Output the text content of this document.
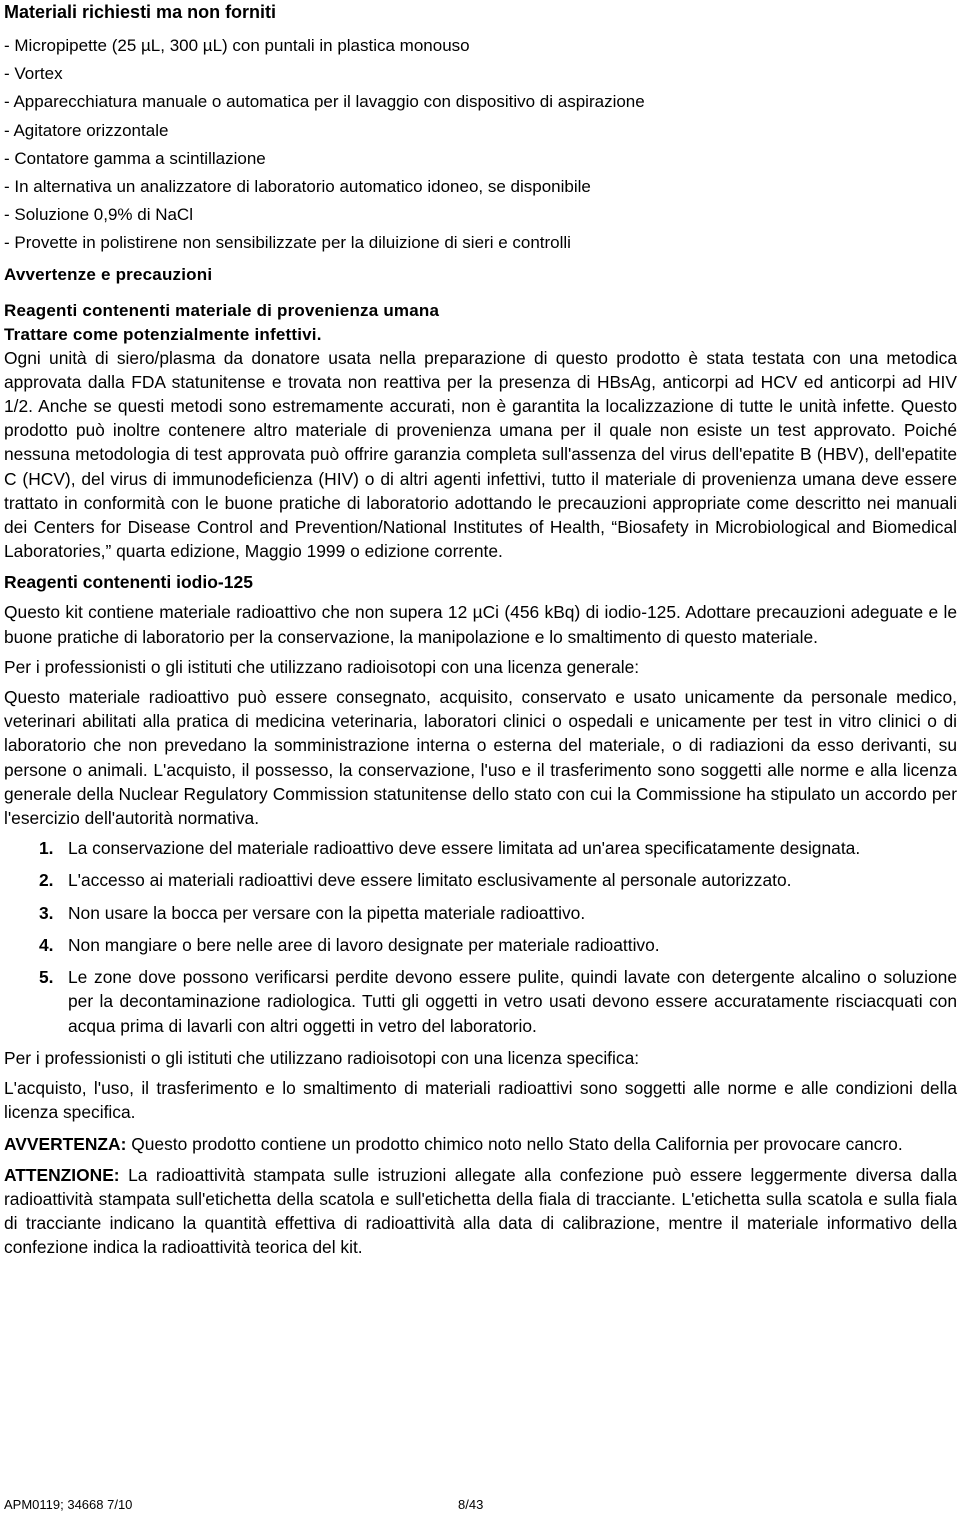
Materiali richiesti ma non forniti

- Micropipette (25 µL, 300 µL) con puntali in plastica monouso

- Vortex

- Apparecchiatura manuale o automatica per il lavaggio con dispositivo di aspirazione

- Agitatore orizzontale

- Contatore gamma a scintillazione

- In alternativa un analizzatore di laboratorio automatico idoneo, se disponibile

- Soluzione 0,9% di NaCl

- Provette in polistirene non sensibilizzate per la diluizione di sieri e controlli

Avvertenze e precauzioni
Reagenti contenenti materiale di provenienza umana
Trattare come potenzialmente infettivi.

Ogni unità di siero/plasma da donatore usata nella preparazione di questo prodotto è stata testata con una metodica approvata dalla FDA statunitense e trovata non reattiva per la presenza di HBsAg, anticorpi ad HCV ed anticorpi ad HIV 1/2. Anche se questi metodi sono estremamente accurati, non è garantita la localizzazione di tutte le unità infette. Questo prodotto può inoltre contenere altro materiale di provenienza umana per il quale non esiste un test approvato. Poiché nessuna metodologia di test approvata può offrire garanzia completa sull'assenza del virus dell'epatite B (HBV), dell'epatite C (HCV), del virus di immunodeficienza (HIV) o di altri agenti infettivi, tutto il materiale di provenienza umana deve essere trattato in conformità con le buone pratiche di laboratorio adottando le precauzioni appropriate come descritto nei manuali dei Centers for Disease Control and Prevention/National Institutes of Health, “Biosafety in Microbiological and Biomedical Laboratories,” quarta edizione, Maggio 1999 o edizione corrente.

Reagenti contenenti iodio-125

Questo kit contiene materiale radioattivo che non supera 12 µCi (456 kBq) di iodio-125. Adottare precauzioni adeguate e le buone pratiche di laboratorio per la conservazione, la manipolazione e lo smaltimento di questo materiale.

Per i professionisti o gli istituti che utilizzano radioisotopi con una licenza generale:

Questo materiale radioattivo può essere consegnato, acquisito, conservato e usato unicamente da personale medico, veterinari abilitati alla pratica di medicina veterinaria, laboratori clinici o ospedali e unicamente per test in vitro clinici o di laboratorio che non prevedano la somministrazione interna o esterna del materiale, o di radiazioni da esso derivanti, su persone o animali. L'acquisto, il possesso, la conservazione, l'uso e il trasferimento sono soggetti alle norme e alla licenza generale della Nuclear Regulatory Commission statunitense dello stato con cui la Commissione ha stipulato un accordo per l'esercizio dell'autorità normativa.

1. La conservazione del materiale radioattivo deve essere limitata ad un'area specificatamente designata.
2. L'accesso ai materiali radioattivi deve essere limitato esclusivamente al personale autorizzato.
3. Non usare la bocca per versare con la pipetta materiale radioattivo.
4. Non mangiare o bere nelle aree di lavoro designate per materiale radioattivo.
5. Le zone dove possono verificarsi perdite devono essere pulite, quindi lavate con detergente alcalino o soluzione per la decontaminazione radiologica. Tutti gli oggetti in vetro usati devono essere accuratamente risciacquati con acqua prima di lavarli con altri oggetti in vetro del laboratorio.

Per i professionisti o gli istituti che utilizzano radioisotopi con una licenza specifica:

L'acquisto, l'uso, il trasferimento e lo smaltimento di materiali radioattivi sono soggetti alle norme e alle condizioni della licenza specifica.

AVVERTENZA: Questo prodotto contiene un prodotto chimico noto nello Stato della California per provocare cancro.

ATTENZIONE: La radioattività stampata sulle istruzioni allegate alla confezione può essere leggermente diversa dalla radioattività stampata sull'etichetta della scatola e sull'etichetta della fiala di tracciante. L'etichetta sulla scatola e sulla fiala di tracciante indicano la quantità effettiva di radioattività alla data di calibrazione, mentre il materiale informativo della confezione indica la radioattività teorica del kit.

APM0119; 34668 7/10	8/43
